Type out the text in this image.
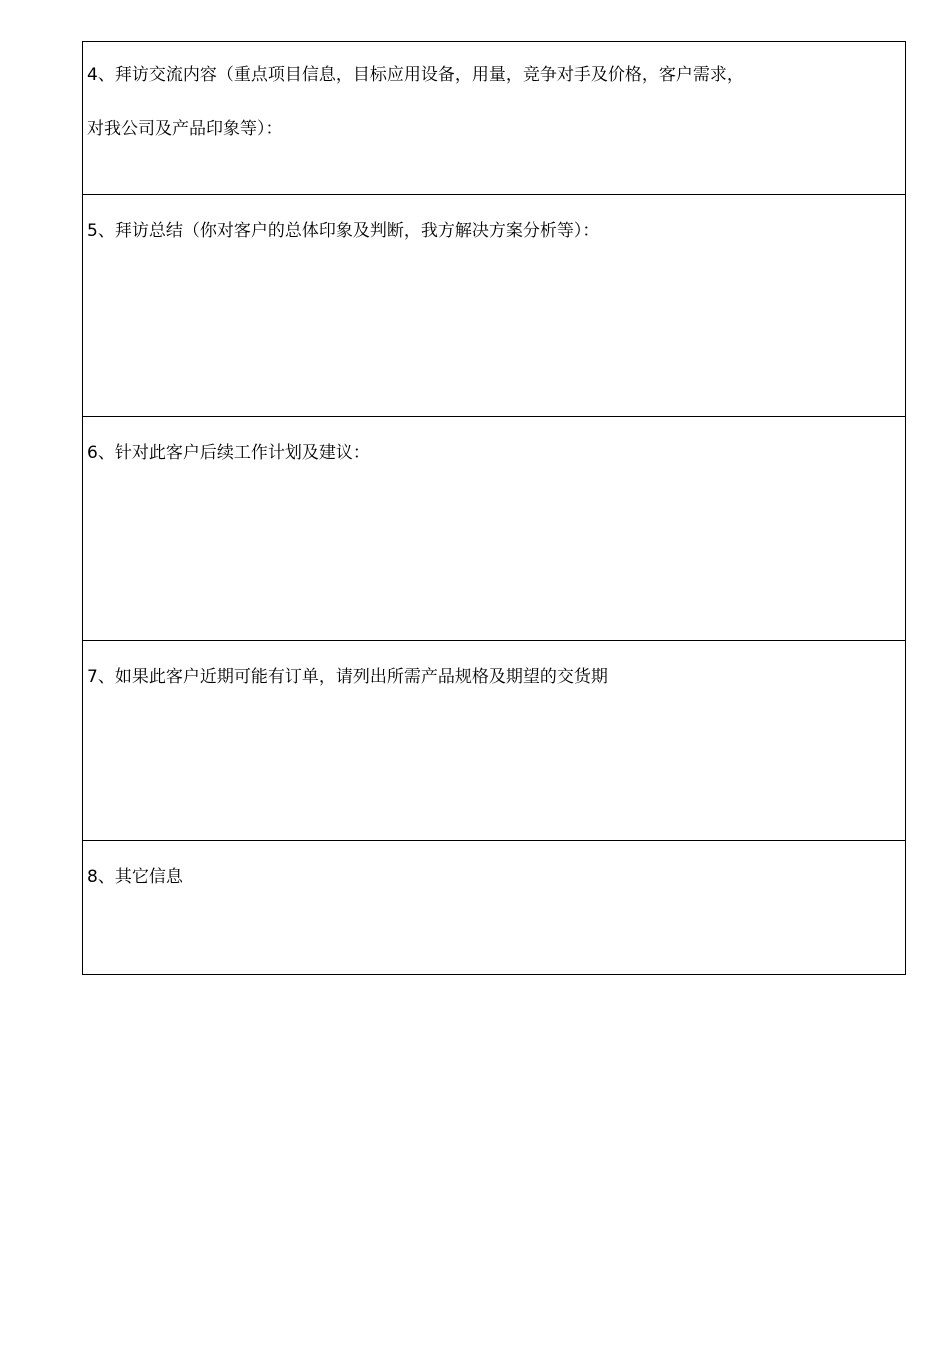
4、拜访交流内容（重点项目信息，目标应用设备，用量，竞争对手及价格，客户需求，
对我公司及产品印象等）：

5、拜访总结（你对客户的总体印象及判断，我方解决方案分析等）：

6、针对此客户后续工作计划及建议：

7、如果此客户近期可能有订单，请列出所需产品规格及期望的交货期

8、其它信息
